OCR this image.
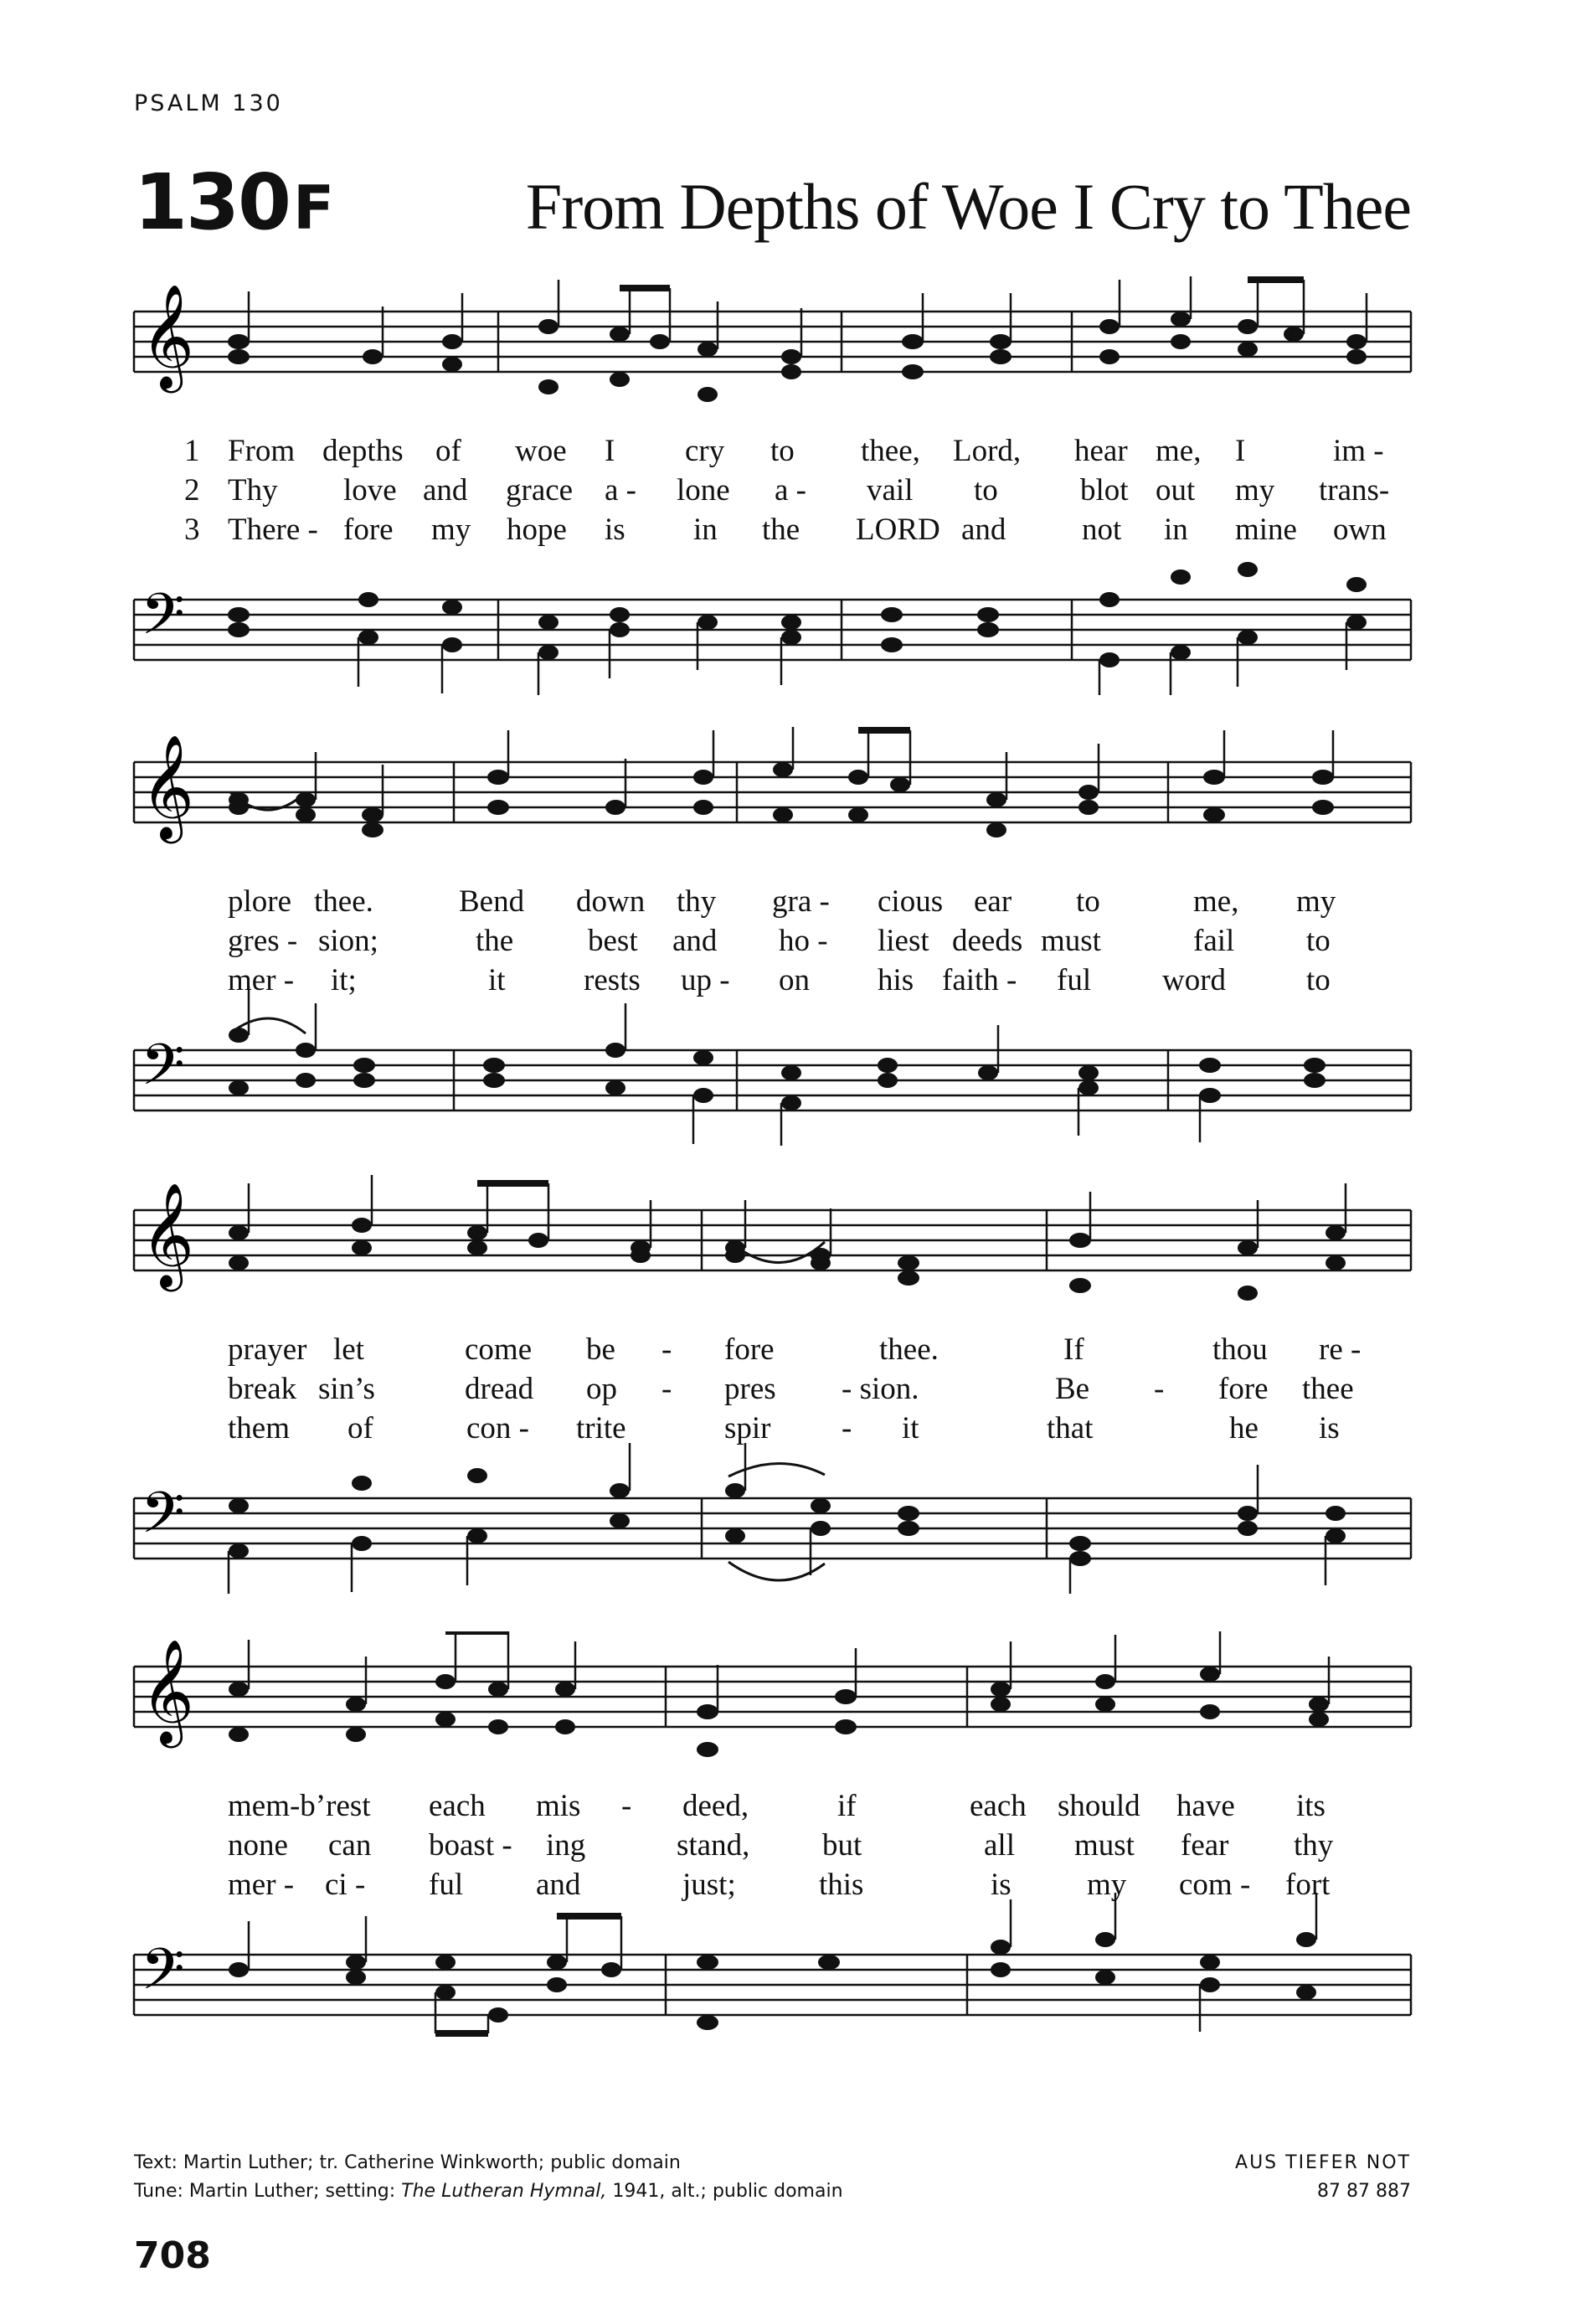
PSALM 130
130F	From Depths of Woe I Cry to Thee
𝄞
𝄢
1
2
3
From depths of woe I cry to thee, Lord, hear me, I	im -
Thy love and grace a - lone a - vail to	blot out my trans-
There - fore my hope is in the LORD and not in mine own
𝄞
𝄢
plore thee.	Bend down thy gra - cious ear to	me, my
gres - sion;	the best and ho - liest deeds must	fail to
mer - it;	it	rests up - on his faith - ful word	to
𝄞
𝄢
prayer let	come be - fore	thee.	If	thou re -
break sin’s	dread op - pres - sion.	Be - fore thee
them of	con - trite	spir - it	that	he is
𝄞
𝄢
mem-b’rest each mis - deed,	if	each should have its
none can boast - ing	stand, but	all must fear thy
mer - ci - ful and	just;	this	is my com - fort
Text: Martin Luther; tr. Catherine Winkworth; public domain
Tune: Martin Luther; setting: The Lutheran Hymnal, 1941, alt.; public domain
AUS TIEFER NOT
87 87 887
708
